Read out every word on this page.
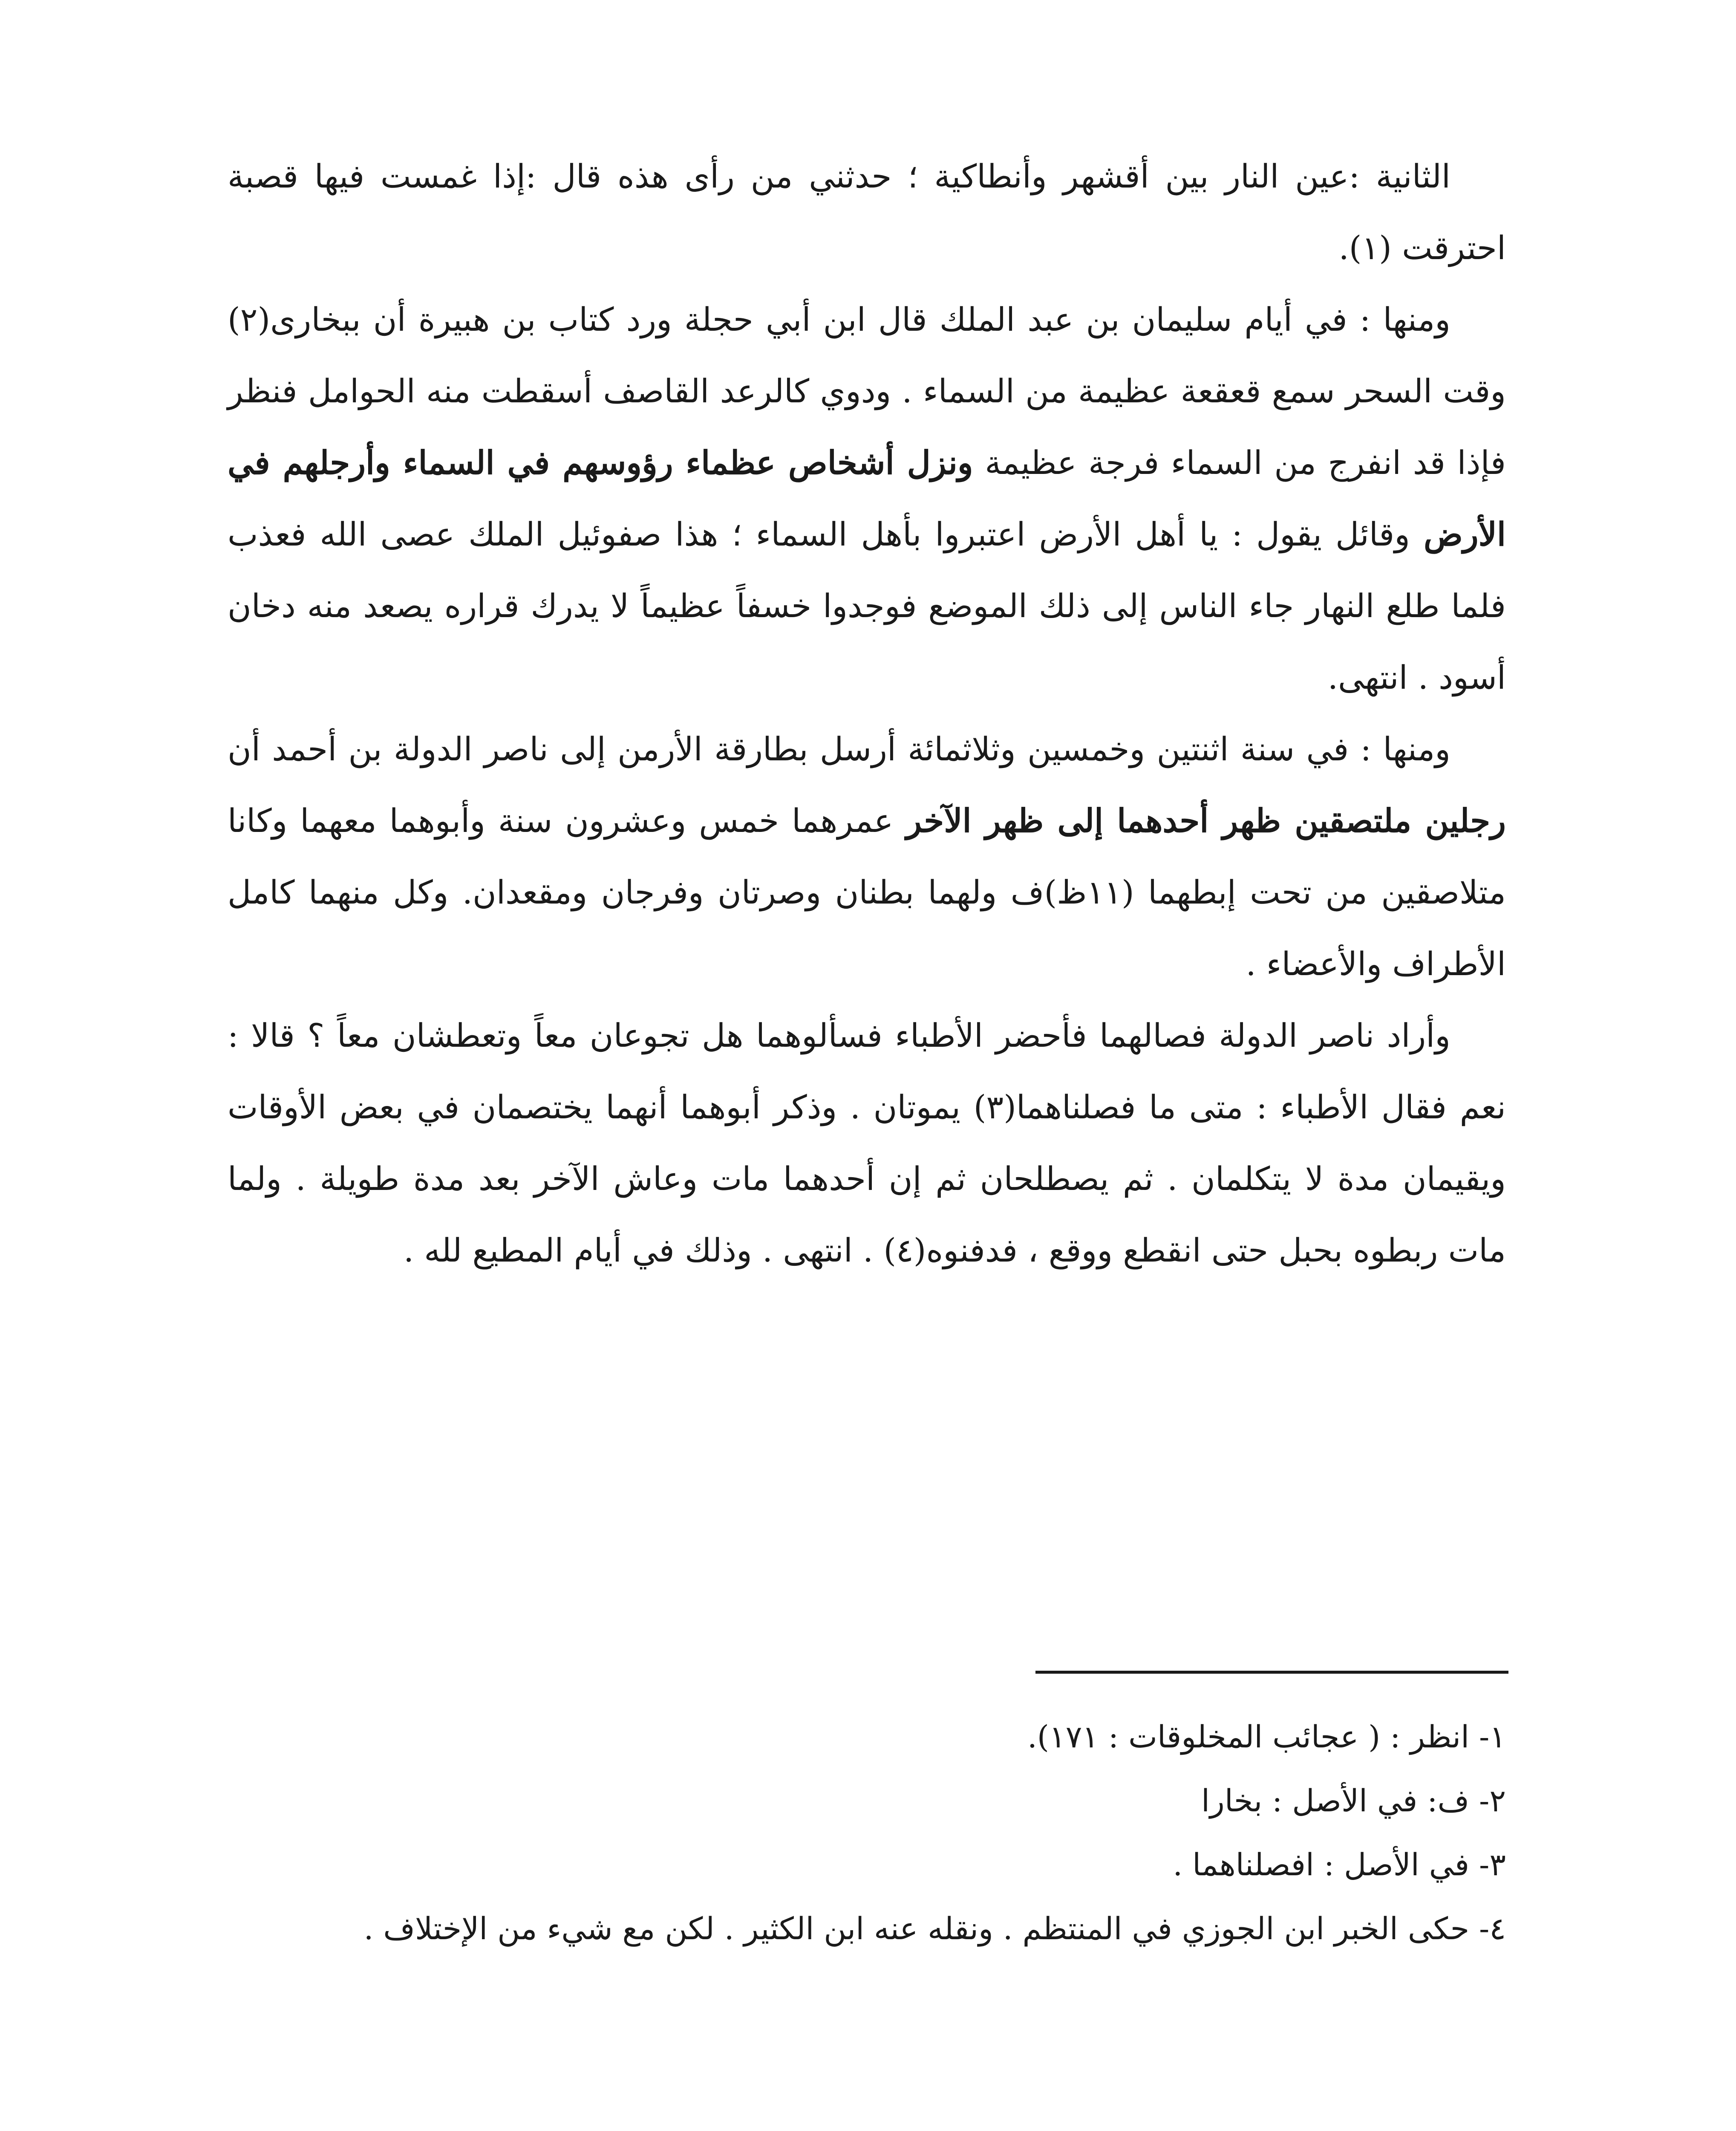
الثانية :عين النار بين أقشهر وأنطاكية ؛ حدثني من رأى هذه قال :إذا غمست فيها قصبة احترقت (١).

ومنها : في أيام سليمان بن عبد الملك قال ابن أبي حجلة ورد كتاب بن هبيرة أن ببخارى(٢) وقت السحر سمع قعقعة عظيمة من السماء . ودوي كالرعد القاصف أسقطت منه الحوامل فنظر فإذا قد انفرج من السماء فرجة عظيمة ونزل أشخاص عظماء رؤوسهم في السماء وأرجلهم في الأرض وقائل يقول : يا أهل الأرض اعتبروا بأهل السماء ؛ هذا صفوئيل الملك عصى الله فعذب فلما طلع النهار جاء الناس إلى ذلك الموضع فوجدوا خسفاً عظيماً لا يدرك قراره يصعد منه دخان أسود . انتهى.

ومنها : في سنة اثنتين وخمسين وثلاثمائة أرسل بطارقة الأرمن إلى ناصر الدولة بن أحمد أن رجلين ملتصقين ظهر أحدهما إلى ظهر الآخر عمرهما خمس وعشرون سنة وأبوهما معهما وكانا متلاصقين من تحت إبطهما (١١ظ)ف ولهما بطنان وصرتان وفرجان ومقعدان. وكل منهما كامل الأطراف والأعضاء .

وأراد ناصر الدولة فصالهما فأحضر الأطباء فسألوهما هل تجوعان معاً وتعطشان معاً ؟ قالا : نعم فقال الأطباء : متى ما فصلناهما(٣) يموتان . وذكر أبوهما أنهما يختصمان في بعض الأوقات ويقيمان مدة لا يتكلمان . ثم يصطلحان ثم إن أحدهما مات وعاش الآخر بعد مدة طويلة . ولما مات ربطوه بحبل حتى انقطع ووقع ، فدفنوه(٤) . انتهى . وذلك في أيام المطيع لله .

١- انظر : ( عجائب المخلوقات : ١٧١).

٢- ف: في الأصل : بخارا

٣- في الأصل : افصلناهما .

٤- حكى الخبر ابن الجوزي في المنتظم . ونقله عنه ابن الكثير . لكن مع شيء من الإختلاف .
